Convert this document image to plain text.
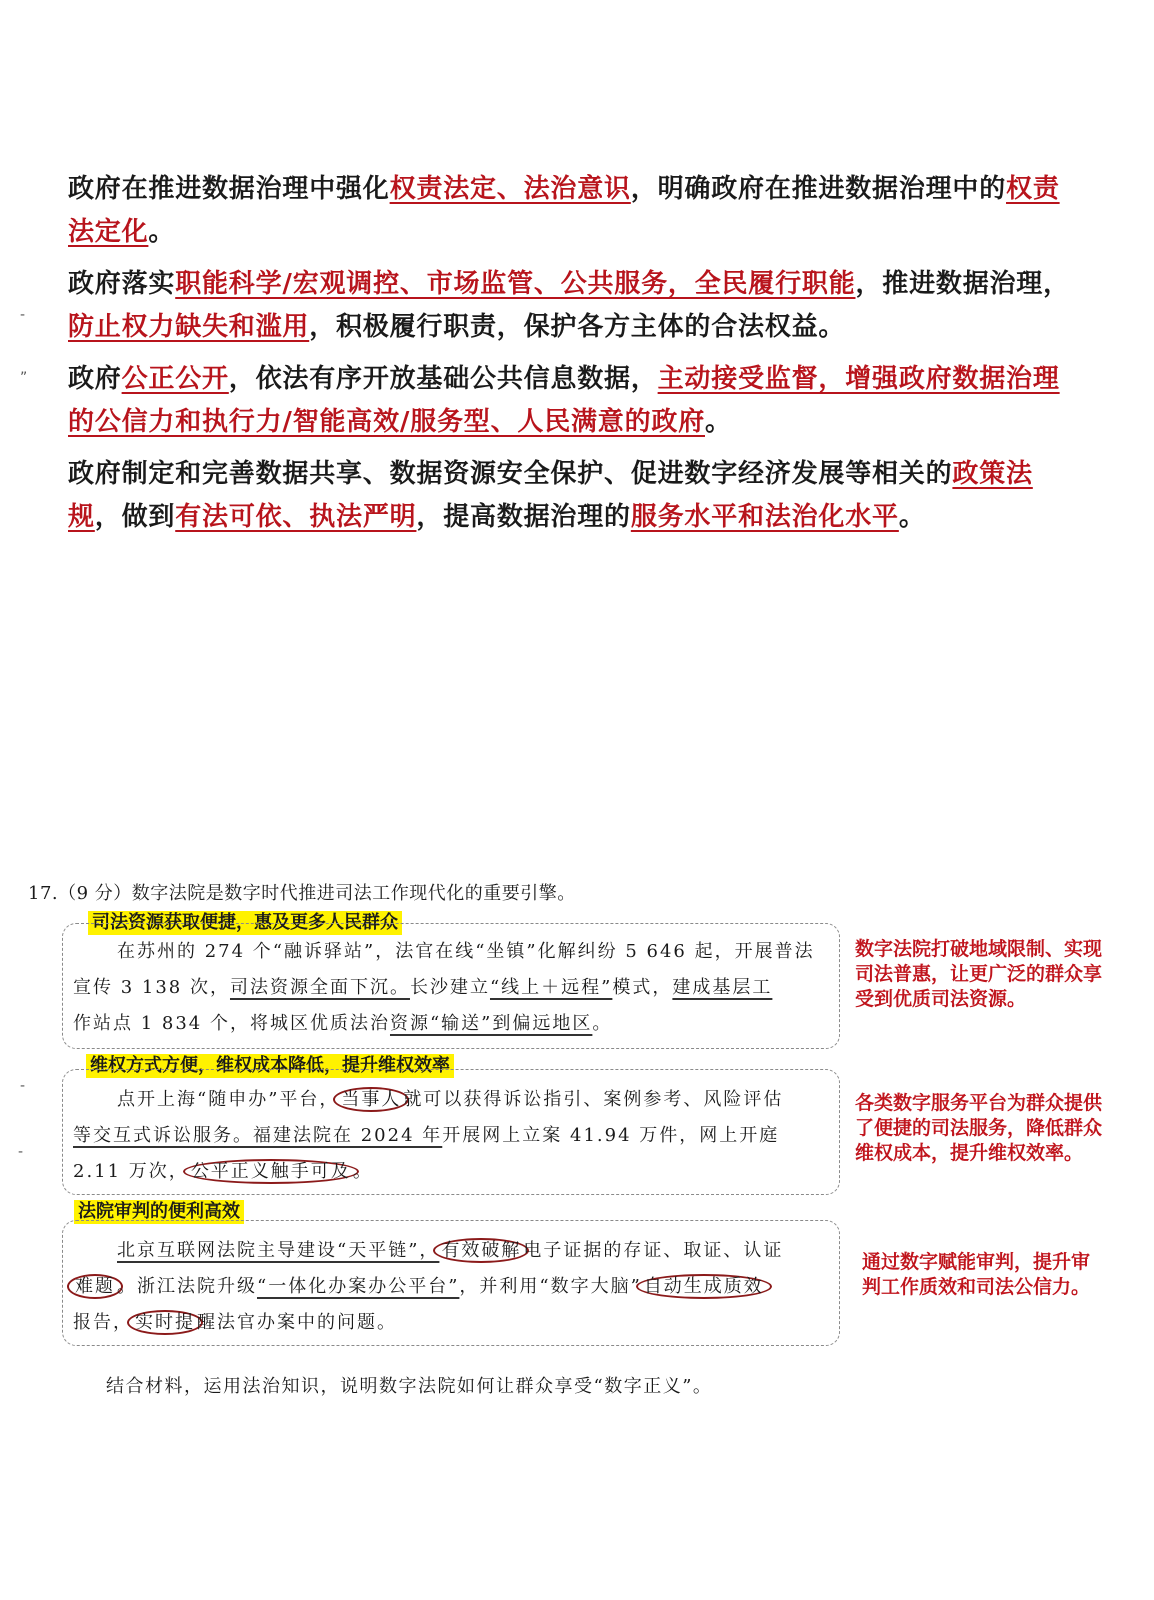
-
”
-
-

政府在推进数据治理中强化权责法定、法治意识，明确政府在推进数据治理中的权责法定化。

政府落实职能科学/宏观调控、市场监管、公共服务，全民履行职能，推进数据治理，防止权力缺失和滥用，积极履行职责，保护各方主体的合法权益。

政府公正公开，依法有序开放基础公共信息数据，主动接受监督，增强政府数据治理的公信力和执行力/智能高效/服务型、人民满意的政府。

政府制定和完善数据共享、数据资源安全保护、促进数字经济发展等相关的政策法规，做到有法可依、执法严明，提高数据治理的服务水平和法治化水平。

17.（9 分）数字法院是数字时代推进司法工作现代化的重要引擎。
司法资源获取便捷，惠及更多人民群众
在苏州的 274 个“融诉驿站”，法官在线“坐镇”化解纠纷 5 646 起，开展普法
宣传 3 138 次，司法资源全面下沉。长沙建立“线上＋远程”模式，建成基层工
作站点 1 834 个，将城区优质法治资源“输送”到偏远地区。
数字法院打破地域限制、实现司法普惠，让更广泛的群众享受到优质司法资源。
维权方式方便，维权成本降低，提升维权效率
点开上海“随申办”平台， 当事人 就可以获得诉讼指引、案例参考、风险评估
等交互式诉讼服务。福建法院在 2024 年开展网上立案 41.94 万件，网上开庭
2.11 万次， 公平正义触手可及 。
各类数字服务平台为群众提供了便捷的司法服务，降低群众维权成本，提升维权效率。
法院审判的便利高效
北京互联网法院主导建设“天平链”， 有效破解 电子证据的存证、取证、认证
难题 。浙江法院升级“一体化办案办公平台”，并利用“数字大脑” 自动生成质效
报告， 实时提 醒法官办案中的问题。
通过数字赋能审判，提升审判工作质效和司法公信力。
结合材料，运用法治知识，说明数字法院如何让群众享受“数字正义”。
